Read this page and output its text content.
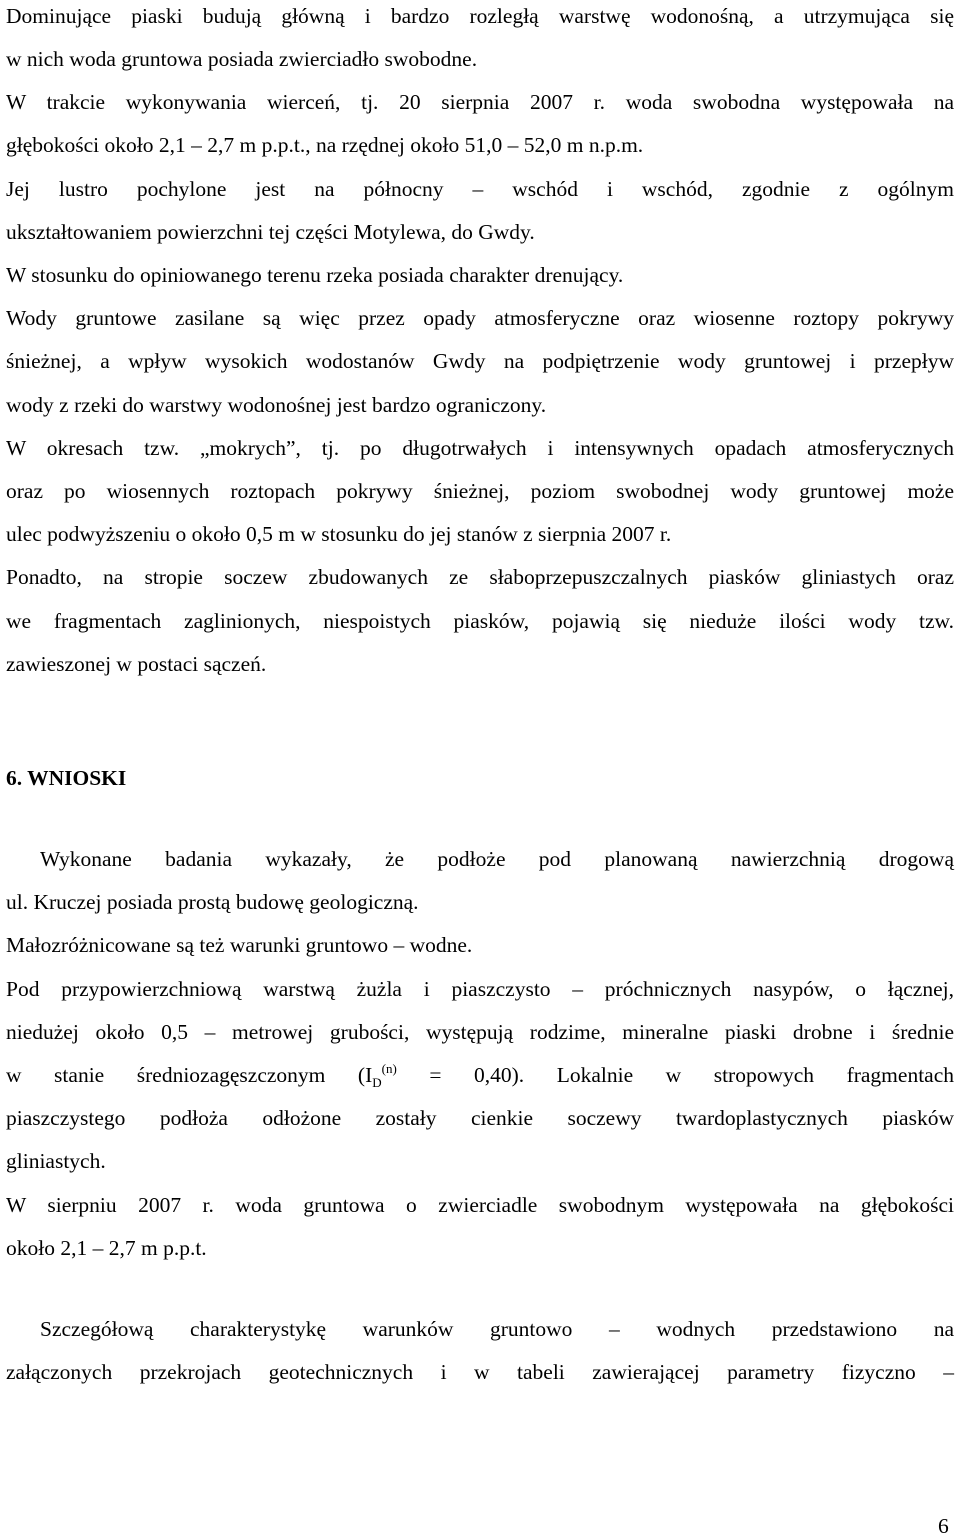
Dominujące piaski budują główną i bardzo rozległą warstwę wodonośną, a utrzymująca się
w nich woda gruntowa posiada zwierciadło swobodne.
W trakcie wykonywania wierceń, tj. 20 sierpnia 2007 r. woda swobodna występowała na
głębokości około 2,1 – 2,7 m p.p.t., na rzędnej około 51,0 – 52,0 m n.p.m.
Jej lustro pochylone jest na północny – wschód i wschód, zgodnie z ogólnym
ukształtowaniem powierzchni tej części Motylewa, do Gwdy.
W stosunku do opiniowanego terenu rzeka posiada charakter drenujący.
Wody gruntowe zasilane są więc przez opady atmosferyczne oraz wiosenne roztopy pokrywy
śnieżnej, a wpływ wysokich wodostanów Gwdy na podpiętrzenie wody gruntowej i przepływ
wody z rzeki do warstwy wodonośnej jest bardzo ograniczony.
W okresach tzw. „mokrych”, tj. po długotrwałych i intensywnych opadach atmosferycznych
oraz po wiosennych roztopach pokrywy śnieżnej, poziom swobodnej wody gruntowej może
ulec podwyższeniu o około 0,5 m w stosunku do jej stanów z sierpnia 2007 r.
Ponadto, na stropie soczew zbudowanych ze słaboprzepuszczalnych piasków gliniastych oraz
we fragmentach zaglinionych, niespoistych piasków, pojawią się nieduże ilości wody tzw.
zawieszonej w postaci sączeń.
6. WNIOSKI
Wykonane badania wykazały, że podłoże pod planowaną nawierzchnią drogową
ul. Kruczej posiada prostą budowę geologiczną.
Małozróżnicowane są też warunki gruntowo – wodne.
Pod przypowierzchniową warstwą żużla i piaszczysto – próchnicznych nasypów, o łącznej,
niedużej około 0,5 – metrowej grubości, występują rodzime, mineralne piaski drobne i średnie
w stanie średniozagęszczonym $(I_D^{(n)} = 0,40)$. Lokalnie w stropowych fragmentach
piaszczystego podłoża odłożone zostały cienkie soczewy twardoplastycznych piasków
gliniastych.
W sierpniu 2007 r. woda gruntowa o zwierciadle swobodnym występowała na głębokości
około 2,1 – 2,7 m p.p.t.
Szczegółową charakterystykę warunków gruntowo – wodnych przedstawiono na
załączonych przekrojach geotechnicznych i w tabeli zawierającej parametry fizyczno –
6
